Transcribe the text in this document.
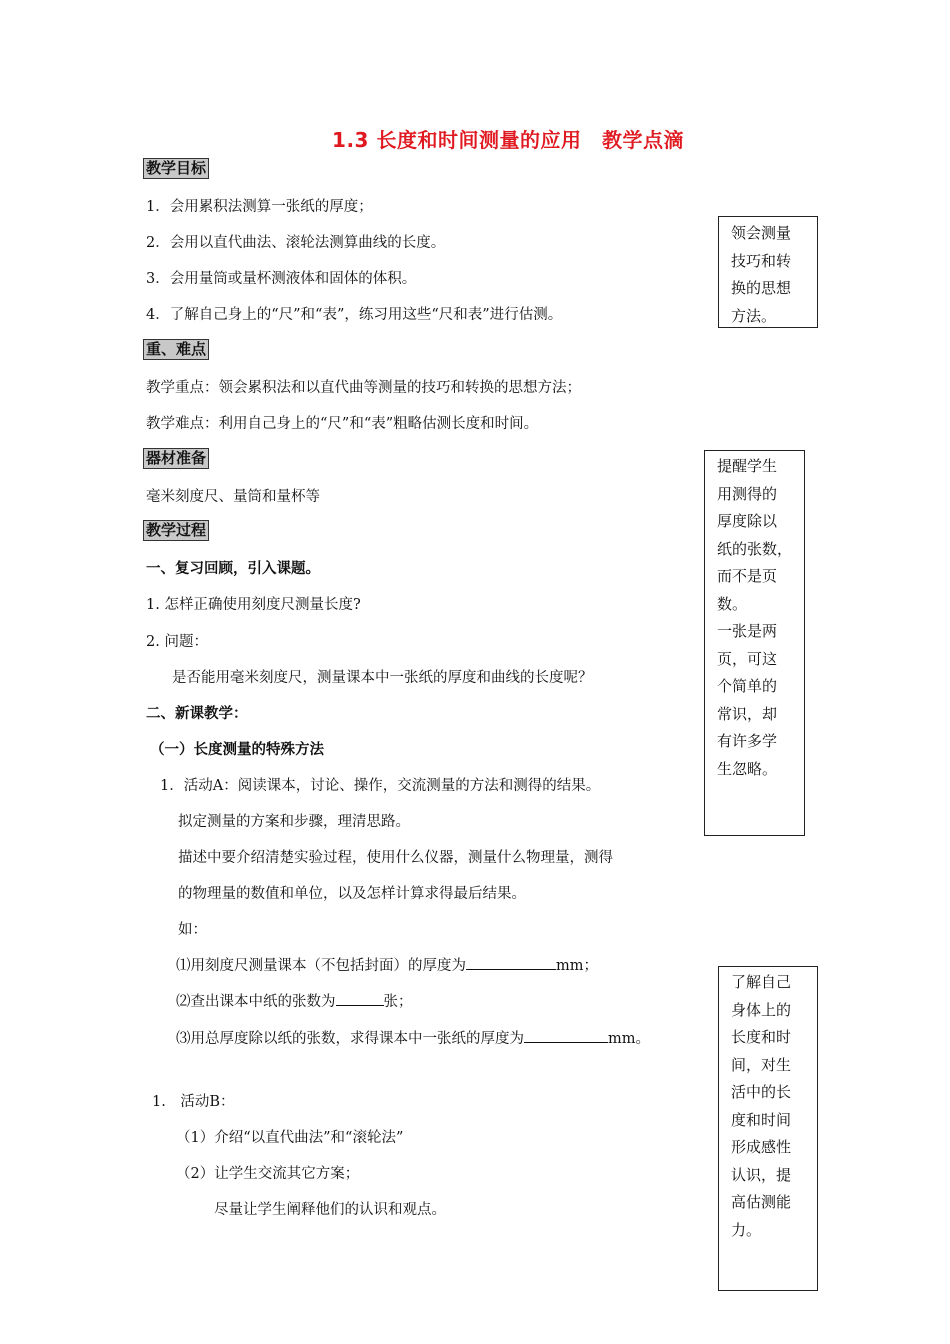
1.3 长度和时间测量的应用　教学点滴
教学目标
1．会用累积法测算一张纸的厚度；
2．会用以直代曲法、滚轮法测算曲线的长度。
3．会用量筒或量杯测液体和固体的体积。
4．了解自己身上的“尺”和“表”，练习用这些“尺和表”进行估测。
重、难点
教学重点：领会累积法和以直代曲等测量的技巧和转换的思想方法；
教学难点：利用自己身上的“尺”和“表”粗略估测长度和时间。
器材准备
毫米刻度尺、量筒和量杯等
教学过程
一、复习回顾，引入课题。
1. 怎样正确使用刻度尺测量长度?
2. 问题：
是否能用毫米刻度尺，测量课本中一张纸的厚度和曲线的长度呢？
二、新课教学：
（一）长度测量的特殊方法
1．活动A：阅读课本，讨论、操作，交流测量的方法和测得的结果。
拟定测量的方案和步骤，理清思路。
描述中要介绍清楚实验过程，使用什么仪器，测量什么物理量，测得
的物理量的数值和单位，以及怎样计算求得最后结果。
如：
⑴用刻度尺测量课本（不包括封面）的厚度为	mm；
⑵查出课本中纸的张数为	张；
⑶用总厚度除以纸的张数，求得课本中一张纸的厚度为	mm。
1.　活动B：
（1）介绍“以直代曲法”和“滚轮法”
（2）让学生交流其它方案；
尽量让学生阐释他们的认识和观点。
领会测量
技巧和转
换的思想
方法。
提醒学生
用测得的
厚度除以
纸的张数，
而不是页
数。
一张是两
页，可这
个简单的
常识，却
有许多学
生忽略。
了解自己
身体上的
长度和时
间，对生
活中的长
度和时间
形成感性
认识，提
高估测能
力。
